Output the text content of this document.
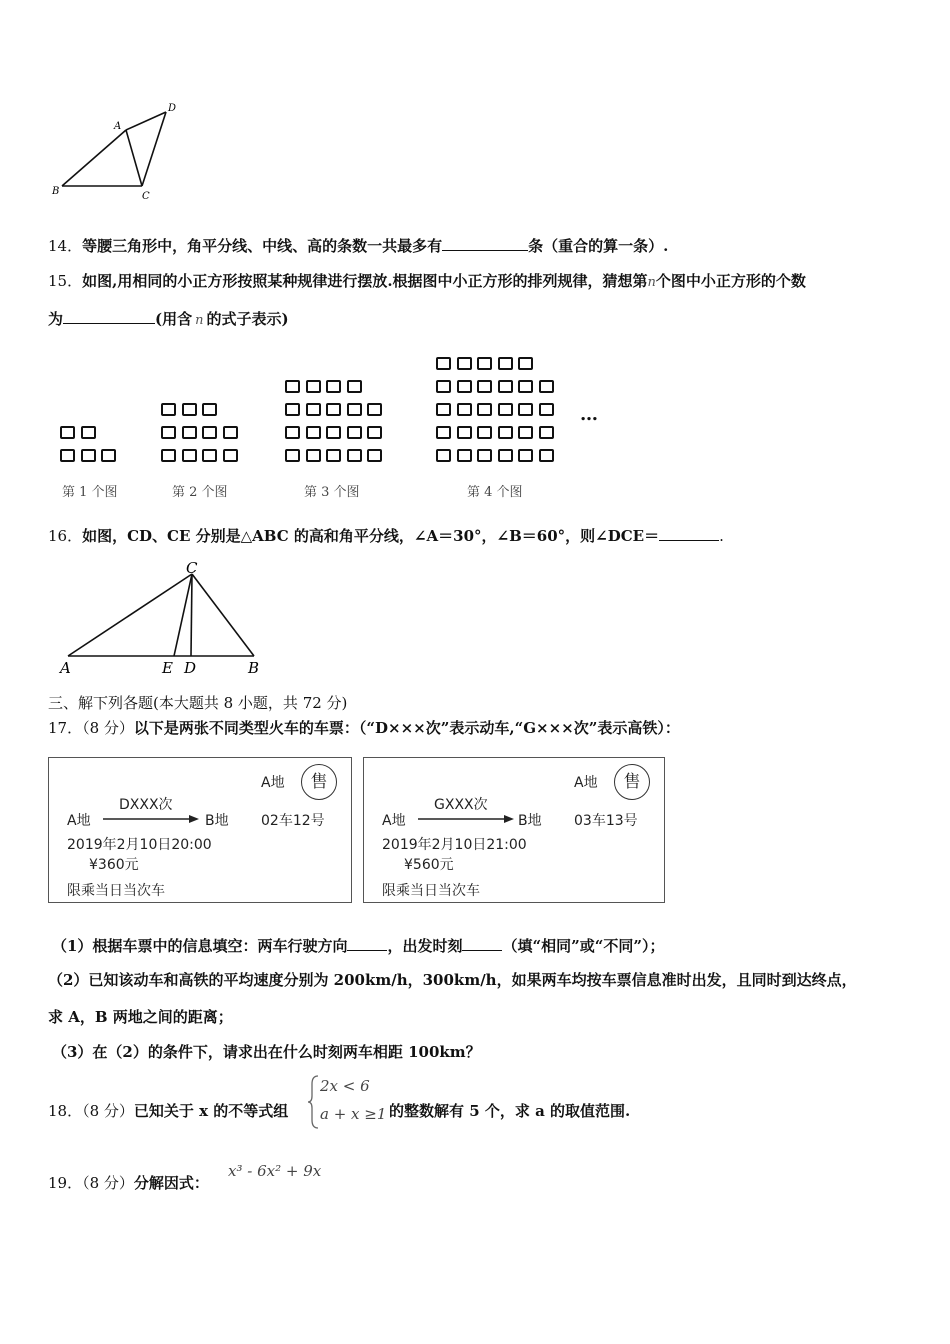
A
D
B	C
14．等腰三角形中，角平分线、中线、高的条数一共最多有	条（重合的算一条）.
15．如图,用相同的小正方形按照某种规律进行摆放.根据图中小正方形的排列规律，猜想第n个图中小正方形的个数
为	(用含 n 的式子表示)
…
第 1 个图	第 2 个图	第 3 个图	第 4 个图
16．如图，CD、CE 分别是△ABC 的高和角平分线，∠A＝30°，∠B＝60°，则∠DCE＝	.
C
A	E D	B
三、解下列各题(本大题共 8 小题，共 72 分)
17．（8 分）以下是两张不同类型火车的车票：（“D×××次”表示动车,“G×××次”表示高铁）：
A地	售
DXXX次
A地	B地 02车12号
2019年2月10日20:00
¥360元
限乘当日当次车
A地	售
GXXX次
A地	B地 03车13号
2019年2月10日21:00
¥560元
限乘当日当次车
（1）根据车票中的信息填空：两车行驶方向	，出发时刻	（填“相同”或“不同”）；
（2）已知该动车和高铁的平均速度分别为 200km/h，300km/h，如果两车均按车票信息准时出发，且同时到达终点，
求 A，B 两地之间的距离；
（3）在（2）的条件下，请求出在什么时刻两车相距 100km？
18．（8 分）已知关于 x 的不等式组
2x < 6
a + x ≥1 的整数解有 5 个，求 a 的取值范围.
19．（8 分）分解因式：
x³ - 6x² + 9x
